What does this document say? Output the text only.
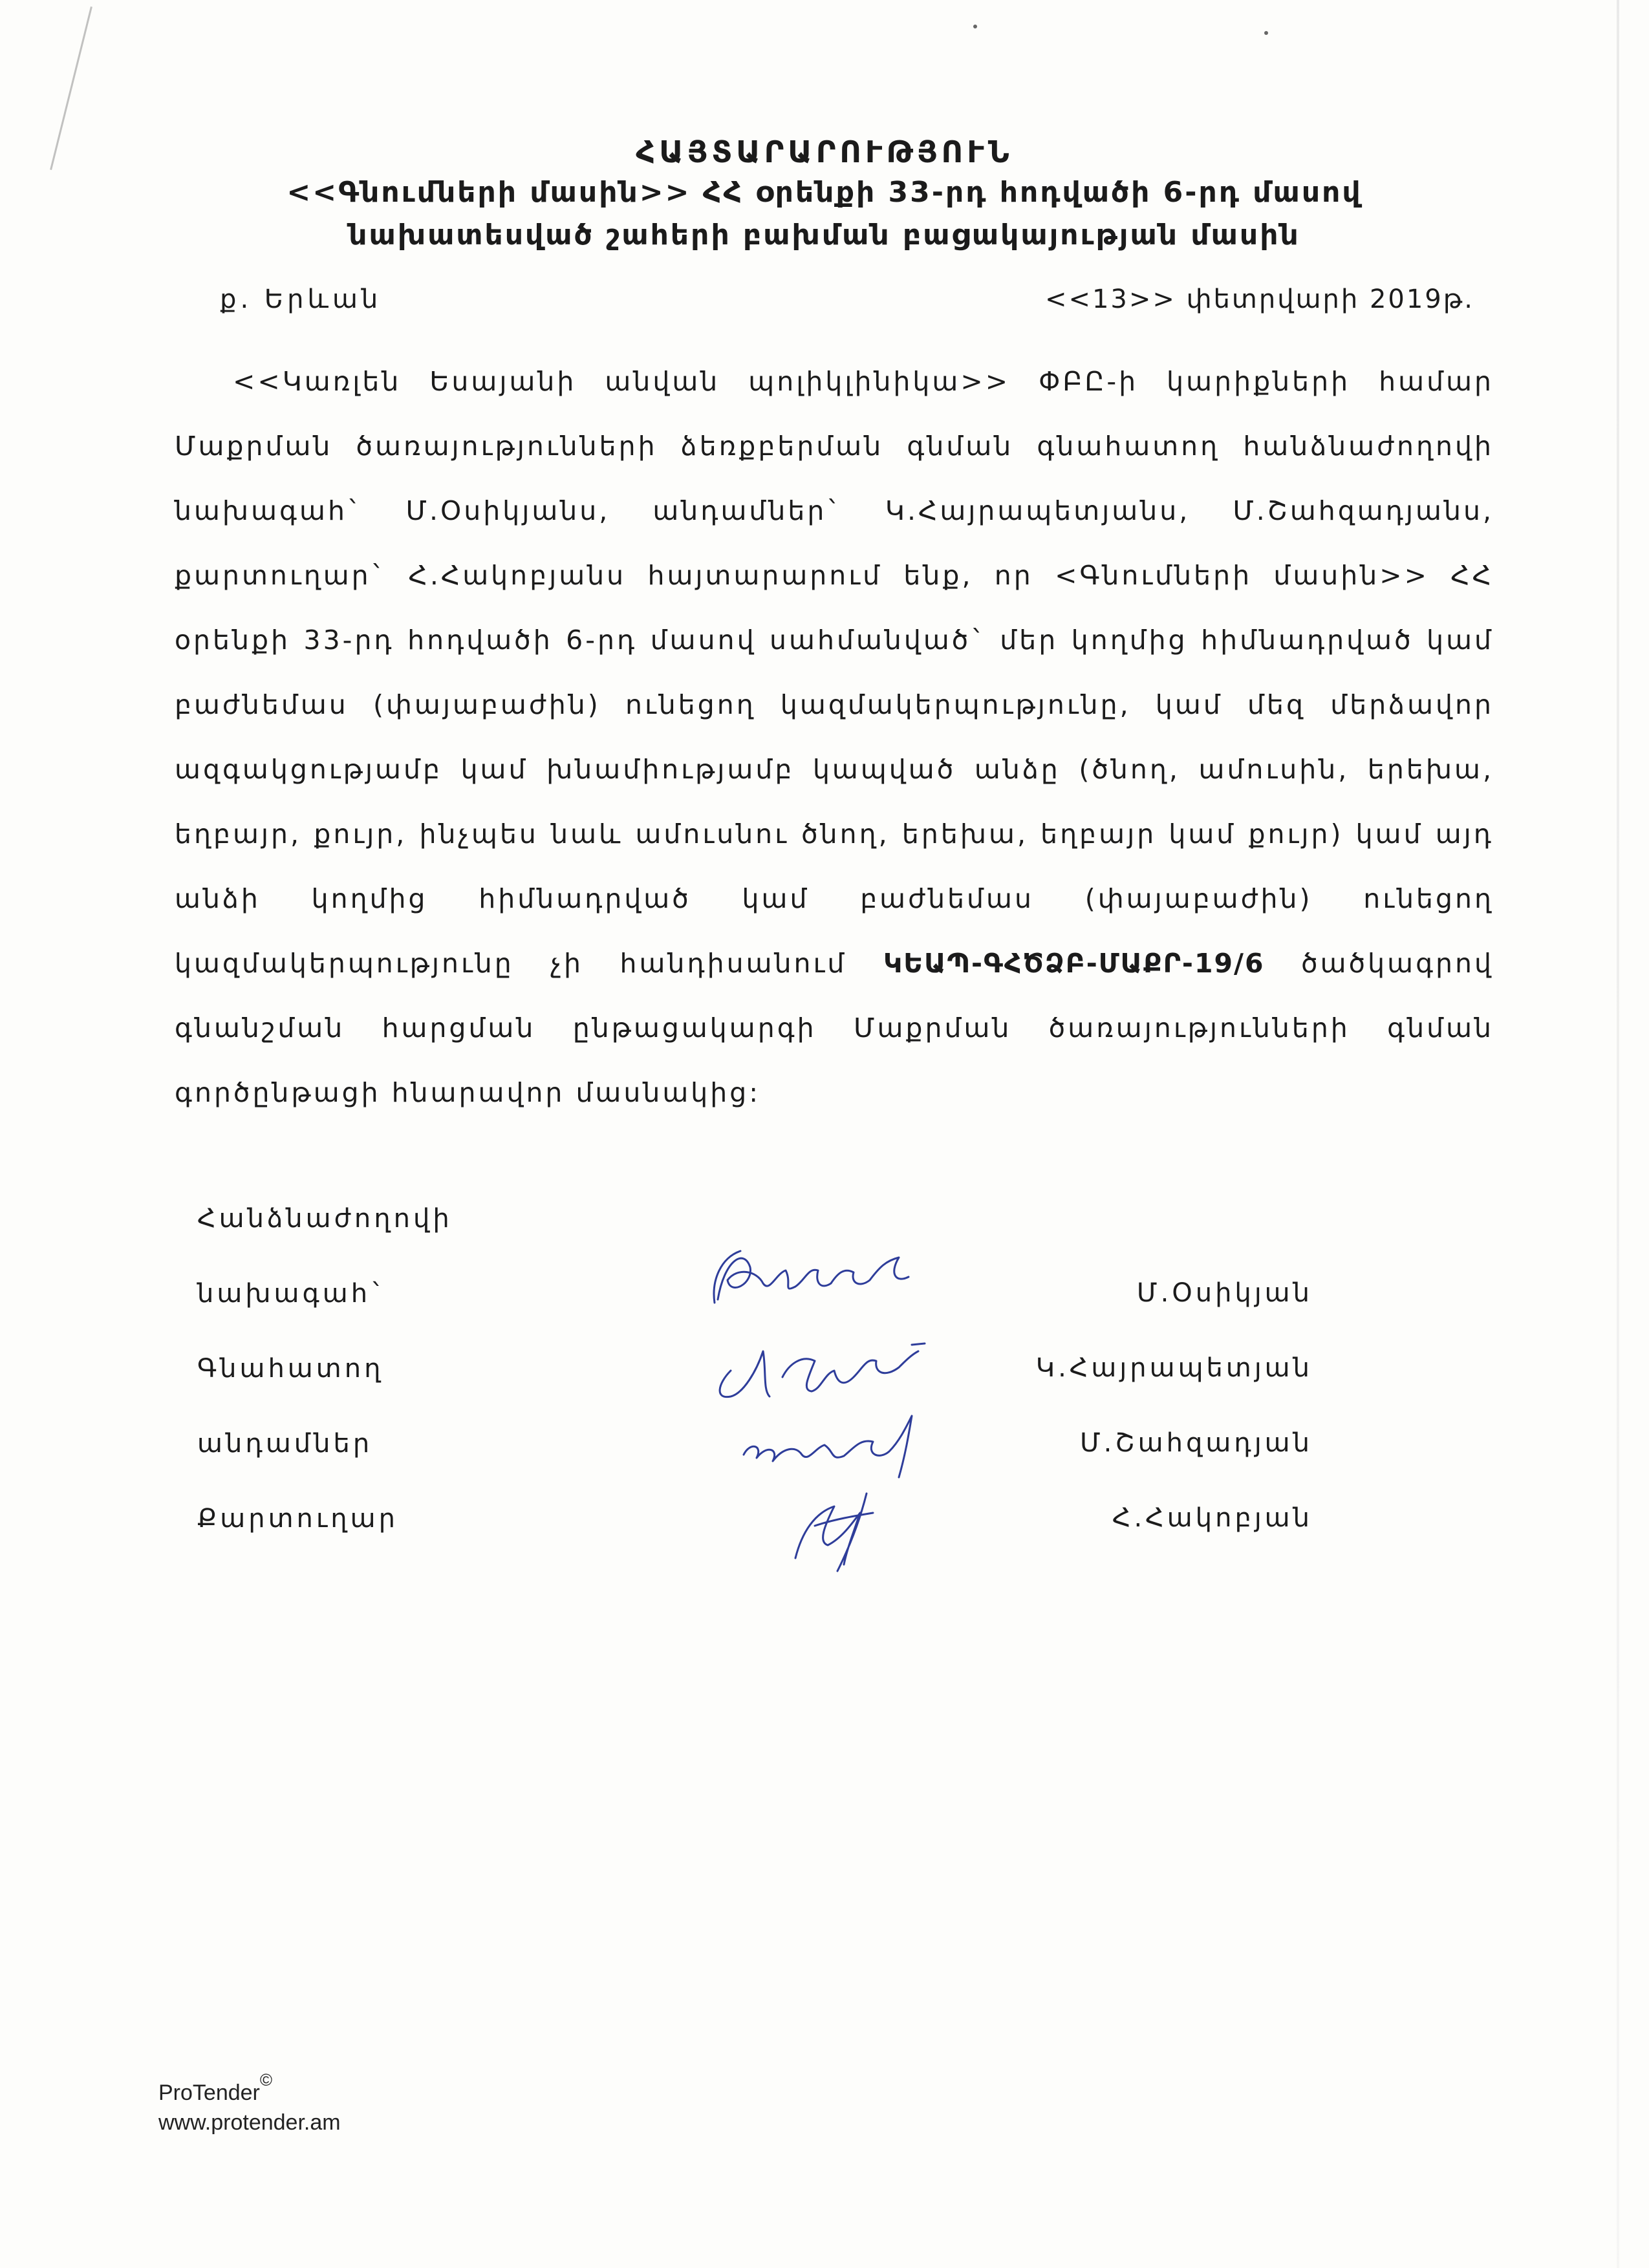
ՀԱՅՏԱՐԱՐՈՒԹՅՈՒՆ
<<Գնումների մասին>> ՀՀ օրենքի 33-րդ հոդվածի 6-րդ մասով
նախատեսված շահերի բախման բացակայության մասին
ք. Երևան	<<13>> փետրվարի 2019թ.
<<Կառլեն Եսայանի անվան պոլիկլինիկա>> ՓԲԸ-ի կարիքների համար Մաքրման ծառայությունների ձեռքբերման գնման գնահատող հանձնաժողովի նախագահ` Մ.Օսիկյանս, անդամներ` Կ.Հայրապետյանս, Մ.Շահզադյանս, քարտուղար` Հ.Հակոբյանս հայտարարում ենք, որ <Գնումների մասին>> ՀՀ օրենքի 33-րդ հոդվածի 6-րդ մասով սահմանված` մեր կողմից հիմնադրված կամ բաժնեմաս (փայաբաժին) ունեցող կազմակերպությունը, կամ մեզ մերձավոր ազգակցությամբ կամ խնամիությամբ կապված անձը (ծնող, ամուսին, երեխա, եղբայր, քույր, ինչպես նաև ամուսնու ծնող, երեխա, եղբայր կամ քույր) կամ այդ անձի կողմից հիմնադրված կամ բաժնեմաս (փայաբաժին) ունեցող կազմակերպությունը չի հանդիսանում ԿԵԱՊ-ԳՀԾՁԲ-ՄԱՔՐ-19/6 ծածկագրով գնանշման հարցման ընթացակարգի Մաքրման ծառայությունների գնման գործընթացի հնարավոր մասնակից:
Հանձնաժողովի
նախագահ`
Գնահատող
անդամներ
Քարտուղար
Մ.Օսիկյան
Կ.Հայրապետյան
Մ.Շահզադյան
Հ.Հակոբյան
ProTender©
www.protender.am
